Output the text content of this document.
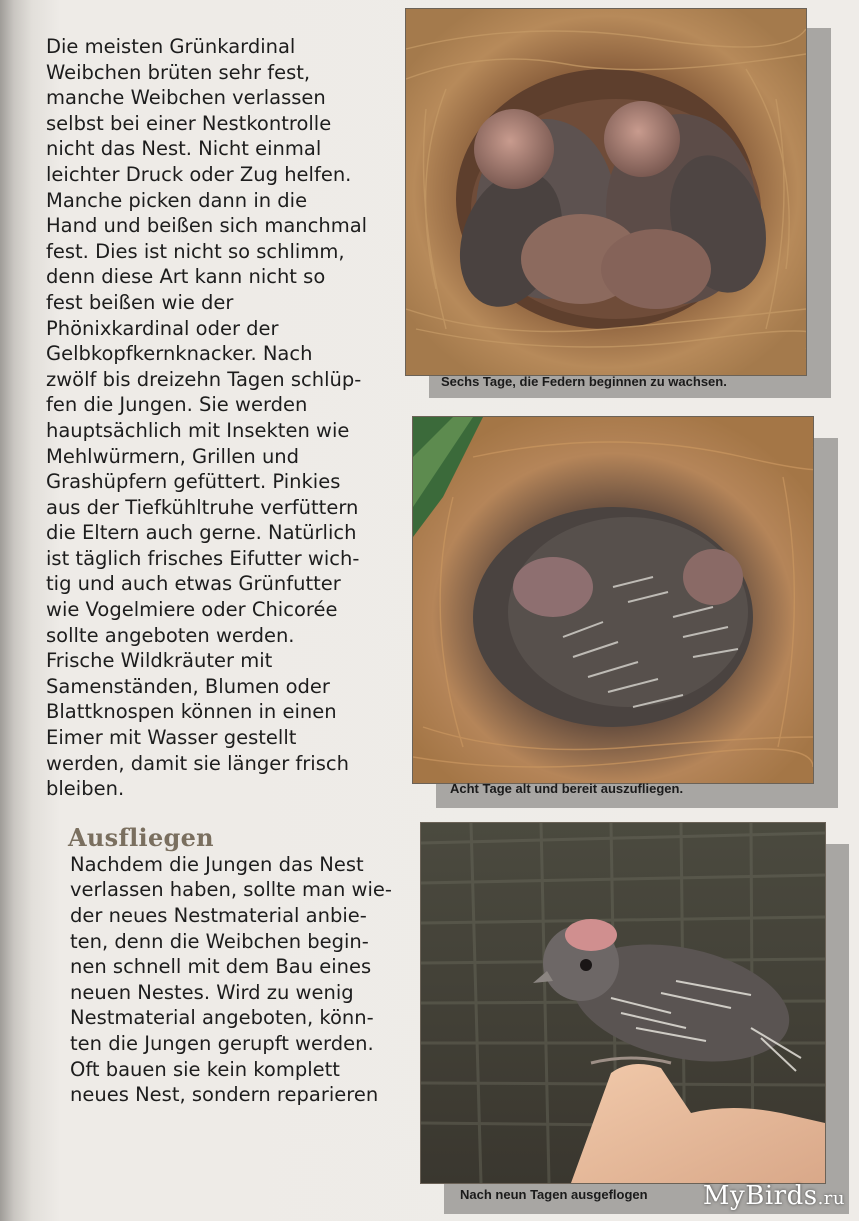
Die meisten Grünkardinal
Weibchen brüten sehr fest,
manche Weibchen verlassen
selbst bei einer Nestkontrolle
nicht das Nest. Nicht einmal
leichter Druck oder Zug helfen.
Manche picken dann in die
Hand und beißen sich manchmal
fest. Dies ist nicht so schlimm,
denn diese Art kann nicht so
fest beißen wie der
Phönixkardinal oder der
Gelbkopfkernknacker. Nach
zwölf bis dreizehn Tagen schlüp-
fen die Jungen. Sie werden
hauptsächlich mit Insekten wie
Mehlwürmern, Grillen und
Grashüpfern gefüttert. Pinkies
aus der Tiefkühltruhe verfüttern
die Eltern auch gerne. Natürlich
ist täglich frisches Eifutter wich-
tig und auch etwas Grünfutter
wie Vogelmiere oder Chicorée
sollte angeboten werden.
Frische Wildkräuter mit
Samenständen, Blumen oder
Blattknospen können in einen
Eimer mit Wasser gestellt
werden, damit sie länger frisch
bleiben.

Ausfliegen

Nachdem die Jungen das Nest
verlassen haben, sollte man wie-
der neues Nestmaterial anbie-
ten, denn die Weibchen begin-
nen schnell mit dem Bau eines
neuen Nestes. Wird zu wenig
Nestmaterial angeboten, könn-
ten die Jungen gerupft werden.
Oft bauen sie kein komplett
neues Nest, sondern reparieren

Sechs Tage, die Federn beginnen zu wachsen.
Acht Tage alt und bereit auszufliegen.
Nach neun Tagen ausgeflogen MyBirds.ru
